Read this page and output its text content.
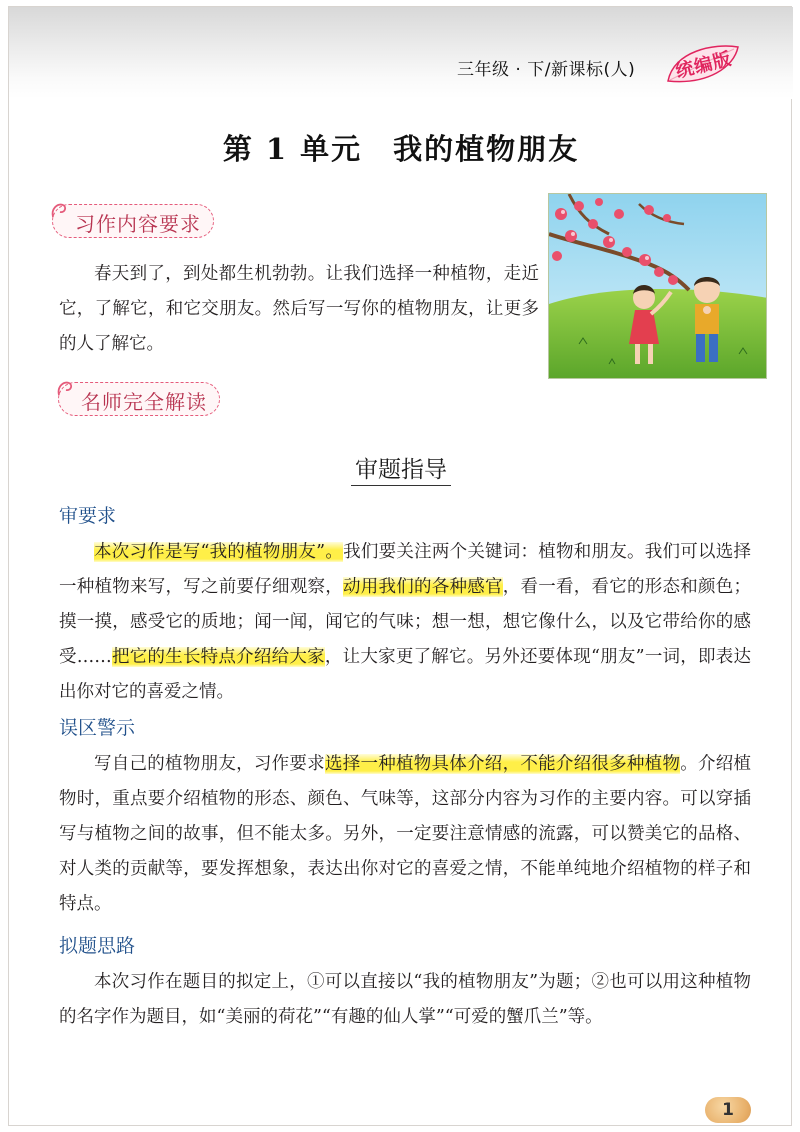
三年级 · 下/新课标(人) 统编版
第 1 单元　我的植物朋友
习作内容要求

春天到了，到处都生机勃勃。让我们选择一种植物，走近它，了解它，和它交朋友。然后写一写你的植物朋友，让更多的人了解它。

名师完全解读
审题指导
审要求

本次习作是写“我的植物朋友”。我们要关注两个关键词：植物和朋友。我们可以选择一种植物来写，写之前要仔细观察，动用我们的各种感官，看一看，看它的形态和颜色；摸一摸，感受它的质地；闻一闻，闻它的气味；想一想，想它像什么，以及它带给你的感受……把它的生长特点介绍给大家，让大家更了解它。另外还要体现“朋友”一词，即表达出你对它的喜爱之情。

误区警示

写自己的植物朋友，习作要求选择一种植物具体介绍，不能介绍很多种植物。介绍植物时，重点要介绍植物的形态、颜色、气味等，这部分内容为习作的主要内容。可以穿插写与植物之间的故事，但不能太多。另外，一定要注意情感的流露，可以赞美它的品格、对人类的贡献等，要发挥想象，表达出你对它的喜爱之情，不能单纯地介绍植物的样子和特点。

拟题思路

本次习作在题目的拟定上，①可以直接以“我的植物朋友”为题；②也可以用这种植物的名字作为题目，如“美丽的荷花”“有趣的仙人掌”“可爱的蟹爪兰”等。

1
